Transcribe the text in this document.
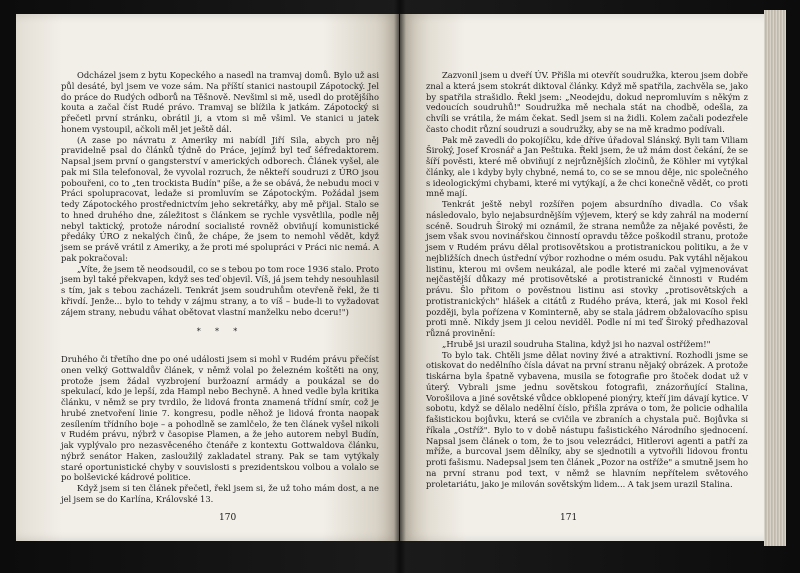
Odcházel jsem z bytu Kopeckého a nasedl na tramvaj domů. Bylo už asi půl desáté, byl jsem ve voze sám. Na příští stanici nastoupil Zápotocký. Jel do práce do Rudých odborů na Těšnově. Nevšiml si mě, usedl do protějšího kouta a začal číst Rudé právo. Tramvaj se blížila k jatkám. Zápotocký si přečetl první stránku, obrátil ji, a vtom si mě všiml. Ve stanici u jatek honem vystoupil, ačkoli měl jet ještě dál.

(A zase po návratu z Ameriky mi nabídl Jiří Sila, abych pro něj pravidelně psal do článků týdně do Práce, jejímž byl teď šéfredaktorem. Napsal jsem první o gangsterství v amerických odborech. Článek vyšel, ale pak mi Sila telefonoval, že vyvolal rozruch, že někteří soudruzi z ÚRO jsou pobouřeni, co to „ten trockista Budín" píše, a že se obává, že nebudu moci v Práci spolupracovat, ledaže si promluvím se Zápotockým. Požádal jsem tedy Zápotockého prostřednictvím jeho sekretářky, aby mě přijal. Stalo se to hned druhého dne, záležitost s článkem se rychle vysvětlila, podle něj nebyl taktický, protože národní socialisté rovněž obviňují komunistické předáky ÚRO z nekalých činů, že chápe, že jsem to nemohl vědět, když jsem se právě vrátil z Ameriky, a že proti mé spolupráci v Práci nic nemá. A pak pokračoval:

„Víte, že jsem tě neodsoudil, co se s tebou po tom roce 1936 stalo. Proto jsem byl také překvapen, když ses teď objevil. Víš, já jsem tehdy nesouhlasil s tím, jak s tebou zacházeli. Tenkrát jsem soudruhům otevřeně řekl, že ti křivdí. Jenže... bylo to tehdy v zájmu strany, a to víš – bude-li to vyžadovat zájem strany, nebudu váhat obětovat vlastní manželku nebo dceru!")

* * *

Druhého či třetího dne po oné události jsem si mohl v Rudém právu přečíst onen velký Gottwaldův článek, v němž volal po železném koštěti na ony, protože jsem žádal vyzbrojení buržoazní armády a poukázal se do spekulací, kdo je lepší, zda Hampl nebo Bechyně. A hned vedle byla kritika článku, v němž se pry tvrdilo, že lidová fronta znamená třídní smír, což je hrubé znetvoření linie 7. kongresu, podle něhož je lidová fronta naopak zesílením třídního boje – a pohodlně se zamlčelo, že ten článek vyšel nikoli v Rudém právu, nýbrž v časopise Plamen, a že jeho autorem nebyl Budín, jak vyplývalo pro nezasvěceného čtenáře z kontextu Gottwaldova článku, nýbrž senátor Haken, zasloužilý zakladatel strany. Pak se tam vytýkaly staré oportunistické chyby v souvislosti s prezidentskou volbou a volalo se po bolševické kádrové politice.

Když jsem si ten článek přečetl, řekl jsem si, že už toho mám dost, a ne jel jsem se do Karlína, Královské 13.

170

Zazvonil jsem u dveří ÚV. Přišla mi otevřít soudružka, kterou jsem dobře znal a která jsem stokrát diktoval články. Když mě spatřila, zachvěla se, jako by spatřila strašidlo. Řekl jsem: „Neodejdu, dokud nepromluvím s někým z vedoucích soudruhů!" Soudružka mě nechala stát na chodbě, odešla, za chvíli se vrátila, že mám čekat. Sedl jsem si na židli. Kolem začali podezřele často chodit různí soudruzi a soudružky, aby se na mě kradmo podívali.

Pak mě zavedli do pokojíčku, kde dříve úřadoval Slánský. Byli tam Viliam Široký, Josef Krosnář a Jan Peštuka. Řekl jsem, že už mám dost čekání, že se šíří pověsti, které mě obviňují z nejrůznějších zločinů, že Köhler mi vytýkal články, ale i kdyby byly chybné, nemá to, co se se mnou děje, nic společného s ideologickými chybami, které mi vytýkají, a že chci konečně vědět, co proti mně mají.

Tenkrát ještě nebyl rozšířen pojem absurdního divadla. Co však následovalo, bylo nejabsurdnějším výjevem, který se kdy zahrál na moderní scéně. Soudruh Široký mi oznámil, že strana nemůže za nějaké pověsti, že jsem však svou novinářskou činností opravdu těžce poškodil stranu, protože jsem v Rudém právu dělal protisovětskou a protistranickou politiku, a že v nejbližších dnech ústřední výbor rozhodne o mém osudu. Pak vytáhl nějakou listinu, kterou mi ovšem neukázal, ale podle které mi začal vyjmenovávat nejčastější důkazy mé protisovětské a protistranické činnosti v Rudém právu. Šlo přitom o pověstnou listinu asi stovky „protisovětských a protistranických" hlášek a citátů z Rudého práva, která, jak mi Kosol řekl později, byla pořízena v Kominterně, aby se stala jádrem obžalovacího spisu proti mně. Nikdy jsem ji celou neviděl. Podle ní mi teď Široký předhazoval různá provinění:

„Hrubě jsi urazil soudruha Stalina, když jsi ho nazval ostřížem!"

To bylo tak. Chtěli jsme dělat noviny živé a atraktivní. Rozhodli jsme se otiskovat do nedělního čísla dávat na první stranu nějaký obrázek. A protože tiskárna byla špatně vybavena, musila se fotografie pro štoček dodat už v úterý. Vybrali jsme jednu sovětskou fotografii, znázorňující Stalina, Vorošilova a jiné sovětské vůdce obklopené pionýry, kteří jim dávají kytice. V sobotu, když se dělalo nedělní číslo, přišla zpráva o tom, že policie odhalila fašistickou bojůvku, která se cvičila ve zbraních a chystala puč. Bojůvka si říkala „Ostříž". Bylo to v době nástupu fašistického Národního sjednocení. Napsal jsem článek o tom, že to jsou velezrádci, Hitlerovi agenti a patří za mříže, a burcoval jsem dělníky, aby se sjednotili a vytvořili lidovou frontu proti fašismu. Nadepsal jsem ten článek „Pozor na ostříže" a smutně jsem ho na první stranu pod text, v němž se hlavním nepřítelem světového proletariátu, jako je milován sovětským lidem... A tak jsem urazil Stalina.

171
